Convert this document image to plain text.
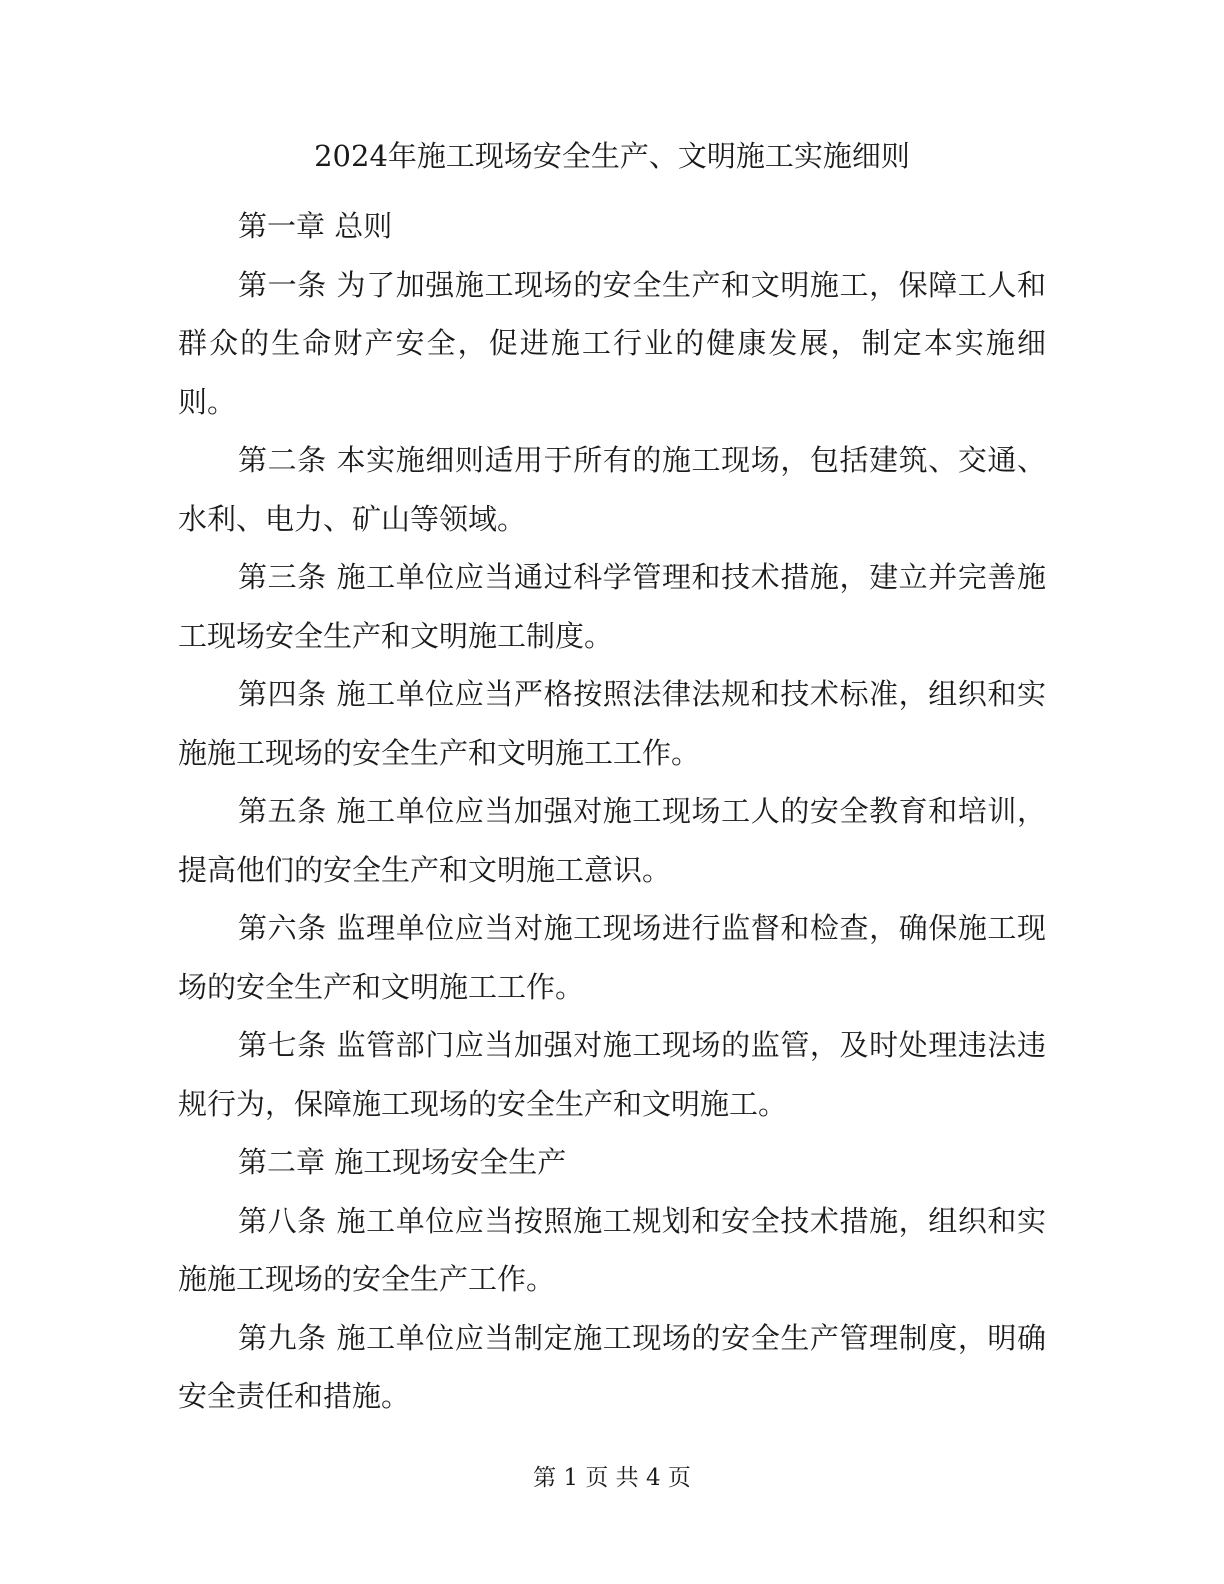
2024年施工现场安全生产、文明施工实施细则

第一章 总则

第一条 为了加强施工现场的安全生产和文明施工，保障工人和群众的生命财产安全，促进施工行业的健康发展，制定本实施细则。

第二条 本实施细则适用于所有的施工现场，包括建筑、交通、水利、电力、矿山等领域。

第三条 施工单位应当通过科学管理和技术措施，建立并完善施工现场安全生产和文明施工制度。

第四条 施工单位应当严格按照法律法规和技术标准，组织和实施施工现场的安全生产和文明施工工作。

第五条 施工单位应当加强对施工现场工人的安全教育和培训，提高他们的安全生产和文明施工意识。

第六条 监理单位应当对施工现场进行监督和检查，确保施工现场的安全生产和文明施工工作。

第七条 监管部门应当加强对施工现场的监管，及时处理违法违规行为，保障施工现场的安全生产和文明施工。

第二章 施工现场安全生产

第八条 施工单位应当按照施工规划和安全技术措施，组织和实施施工现场的安全生产工作。

第九条 施工单位应当制定施工现场的安全生产管理制度，明确安全责任和措施。

第 1 页 共 4 页
